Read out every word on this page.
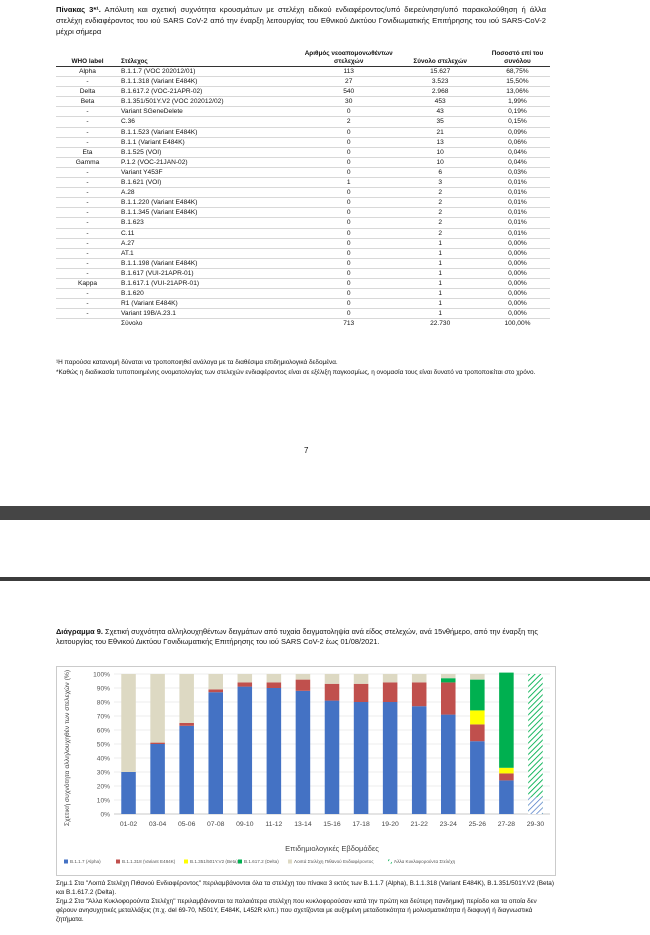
Πίνακας 3*¹. Απόλυτη και σχετική συχνότητα κρουσμάτων με στελέχη ειδικού ενδιαφέροντος/υπό διερεύνηση/υπό παρακολούθηση ή άλλα στελέχη ενδιαφέροντος του ιού SARS CoV-2 από την έναρξη λειτουργίας του Εθνικού Δικτύου Γονιδιωματικής Επιτήρησης του ιού SARS-CoV-2 μέχρι σήμερα
WHO label	Στέλεχος	Αριθμός νεοαπομονωθέντων στελεχών	Σύνολο στελεχών	Ποσοστό επί του συνόλου
Alpha	B.1.1.7 (VOC 202012/01)	113	15.627	68,75%
-	B.1.1.318 (Variant E484K)	27	3.523	15,50%
Delta	B.1.617.2 (VOC-21APR-02)	540	2.968	13,06%
Beta	B.1.351/501Y.V2 (VOC 202012/02)	30	453	1,99%
-	Variant SGeneDelete	0	43	0,19%
-	C.36	2	35	0,15%
-	B.1.1.523 (Variant E484K)	0	21	0,09%
-	B.1.1 (Variant E484K)	0	13	0,06%
Eta	B.1.525 (VOI)	0	10	0,04%
Gamma	P.1.2 (VOC-21JAN-02)	0	10	0,04%
-	Variant Y453F	0	6	0,03%
-	B.1.621 (VOI)	1	3	0,01%
-	A.28	0	2	0,01%
-	B.1.1.220 (Variant E484K)	0	2	0,01%
-	B.1.1.345 (Variant E484K)	0	2	0,01%
-	B.1.623	0	2	0,01%
-	C.11	0	2	0,01%
-	A.27	0	1	0,00%
-	AT.1	0	1	0,00%
-	B.1.1.198 (Variant E484K)	0	1	0,00%
-	B.1.617 (VUI-21APR-01)	0	1	0,00%
Kappa	B.1.617.1 (VUI-21APR-01)	0	1	0,00%
-	B.1.620	0	1	0,00%
-	R1 (Variant E484K)	0	1	0,00%
-	Variant 19B/A.23.1	0	1	0,00%
	Σύνολο	713	22.730	100,00%
¹Η παρούσα κατανομή δύναται να τροποποιηθεί ανάλογα με τα διαθέσιμα επιδημιολογικά δεδομένα.
*Καθώς η διαδικασία τυποποιημένης ονοματολογίας των στελεχών ενδιαφέροντος είναι σε εξέλιξη παγκοσμίως, η ονομασία τους είναι δυνατό να τροποποιείται στο χρόνο.
7
Διάγραμμα 9. Σχετική συχνότητα αλληλουχηθέντων δειγμάτων από τυχαία δειγματοληψία ανά είδος στελεχών, ανά 15νθήμερο, από την έναρξη της λειτουργίας του Εθνικού Δικτύου Γονιδιωματικής Επιτήρησης του ιού SARS CoV-2 έως 01/08/2021.
0%
10%
20%
30%
40%
50%
60%
70%
80%
90%
100%
01-02 03-04 05-06 07-08 09-10 11-12 13-14 15-16 17-18 19-20 21-22 23-24 25-26 27-28 29-30
Σχετική συχνότητα αλληλουχηθέν των στελεχών (%)
Επιδημιολογικές Εβδομάδες
B.1.1.7 (Alpha)	B.1.1.318 (Variant E484K)	B.1.351/501Y.V2 (Beta) B.1.617.2 (Delta)	Λοιπά Στελέχη Πιθανού Ενδιαφέροντος	Άλλα Κυκλοφορούντα Στελέχη
Σημ.1 Στα "Λοιπά Στελέχη Πιθανού Ενδιαφέροντος" περιλαμβάνονται όλα τα στελέχη του πίνακα 3 εκτός των B.1.1.7 (Alpha), B.1.1.318 (Variant E484K), B.1.351/501Y.V2 (Beta) και B.1.617.2 (Delta).
Σημ.2 Στα "Άλλα Κυκλοφορούντα Στελέχη" περιλαμβάνονται τα παλαιότερα στελέχη που κυκλοφορούσαν κατά την πρώτη και δεύτερη πανδημική περίοδο και τα οποία δεν φέρουν ανησυχητικές μεταλλάξεις (π.χ. del 69-70, N501Y, E484K, L452R κλπ.) που σχετίζονται με αυξημένη μεταδοτικότητα ή μολυσματικότητα ή διαφυγή ή διαγνωστικά ζητήματα.
